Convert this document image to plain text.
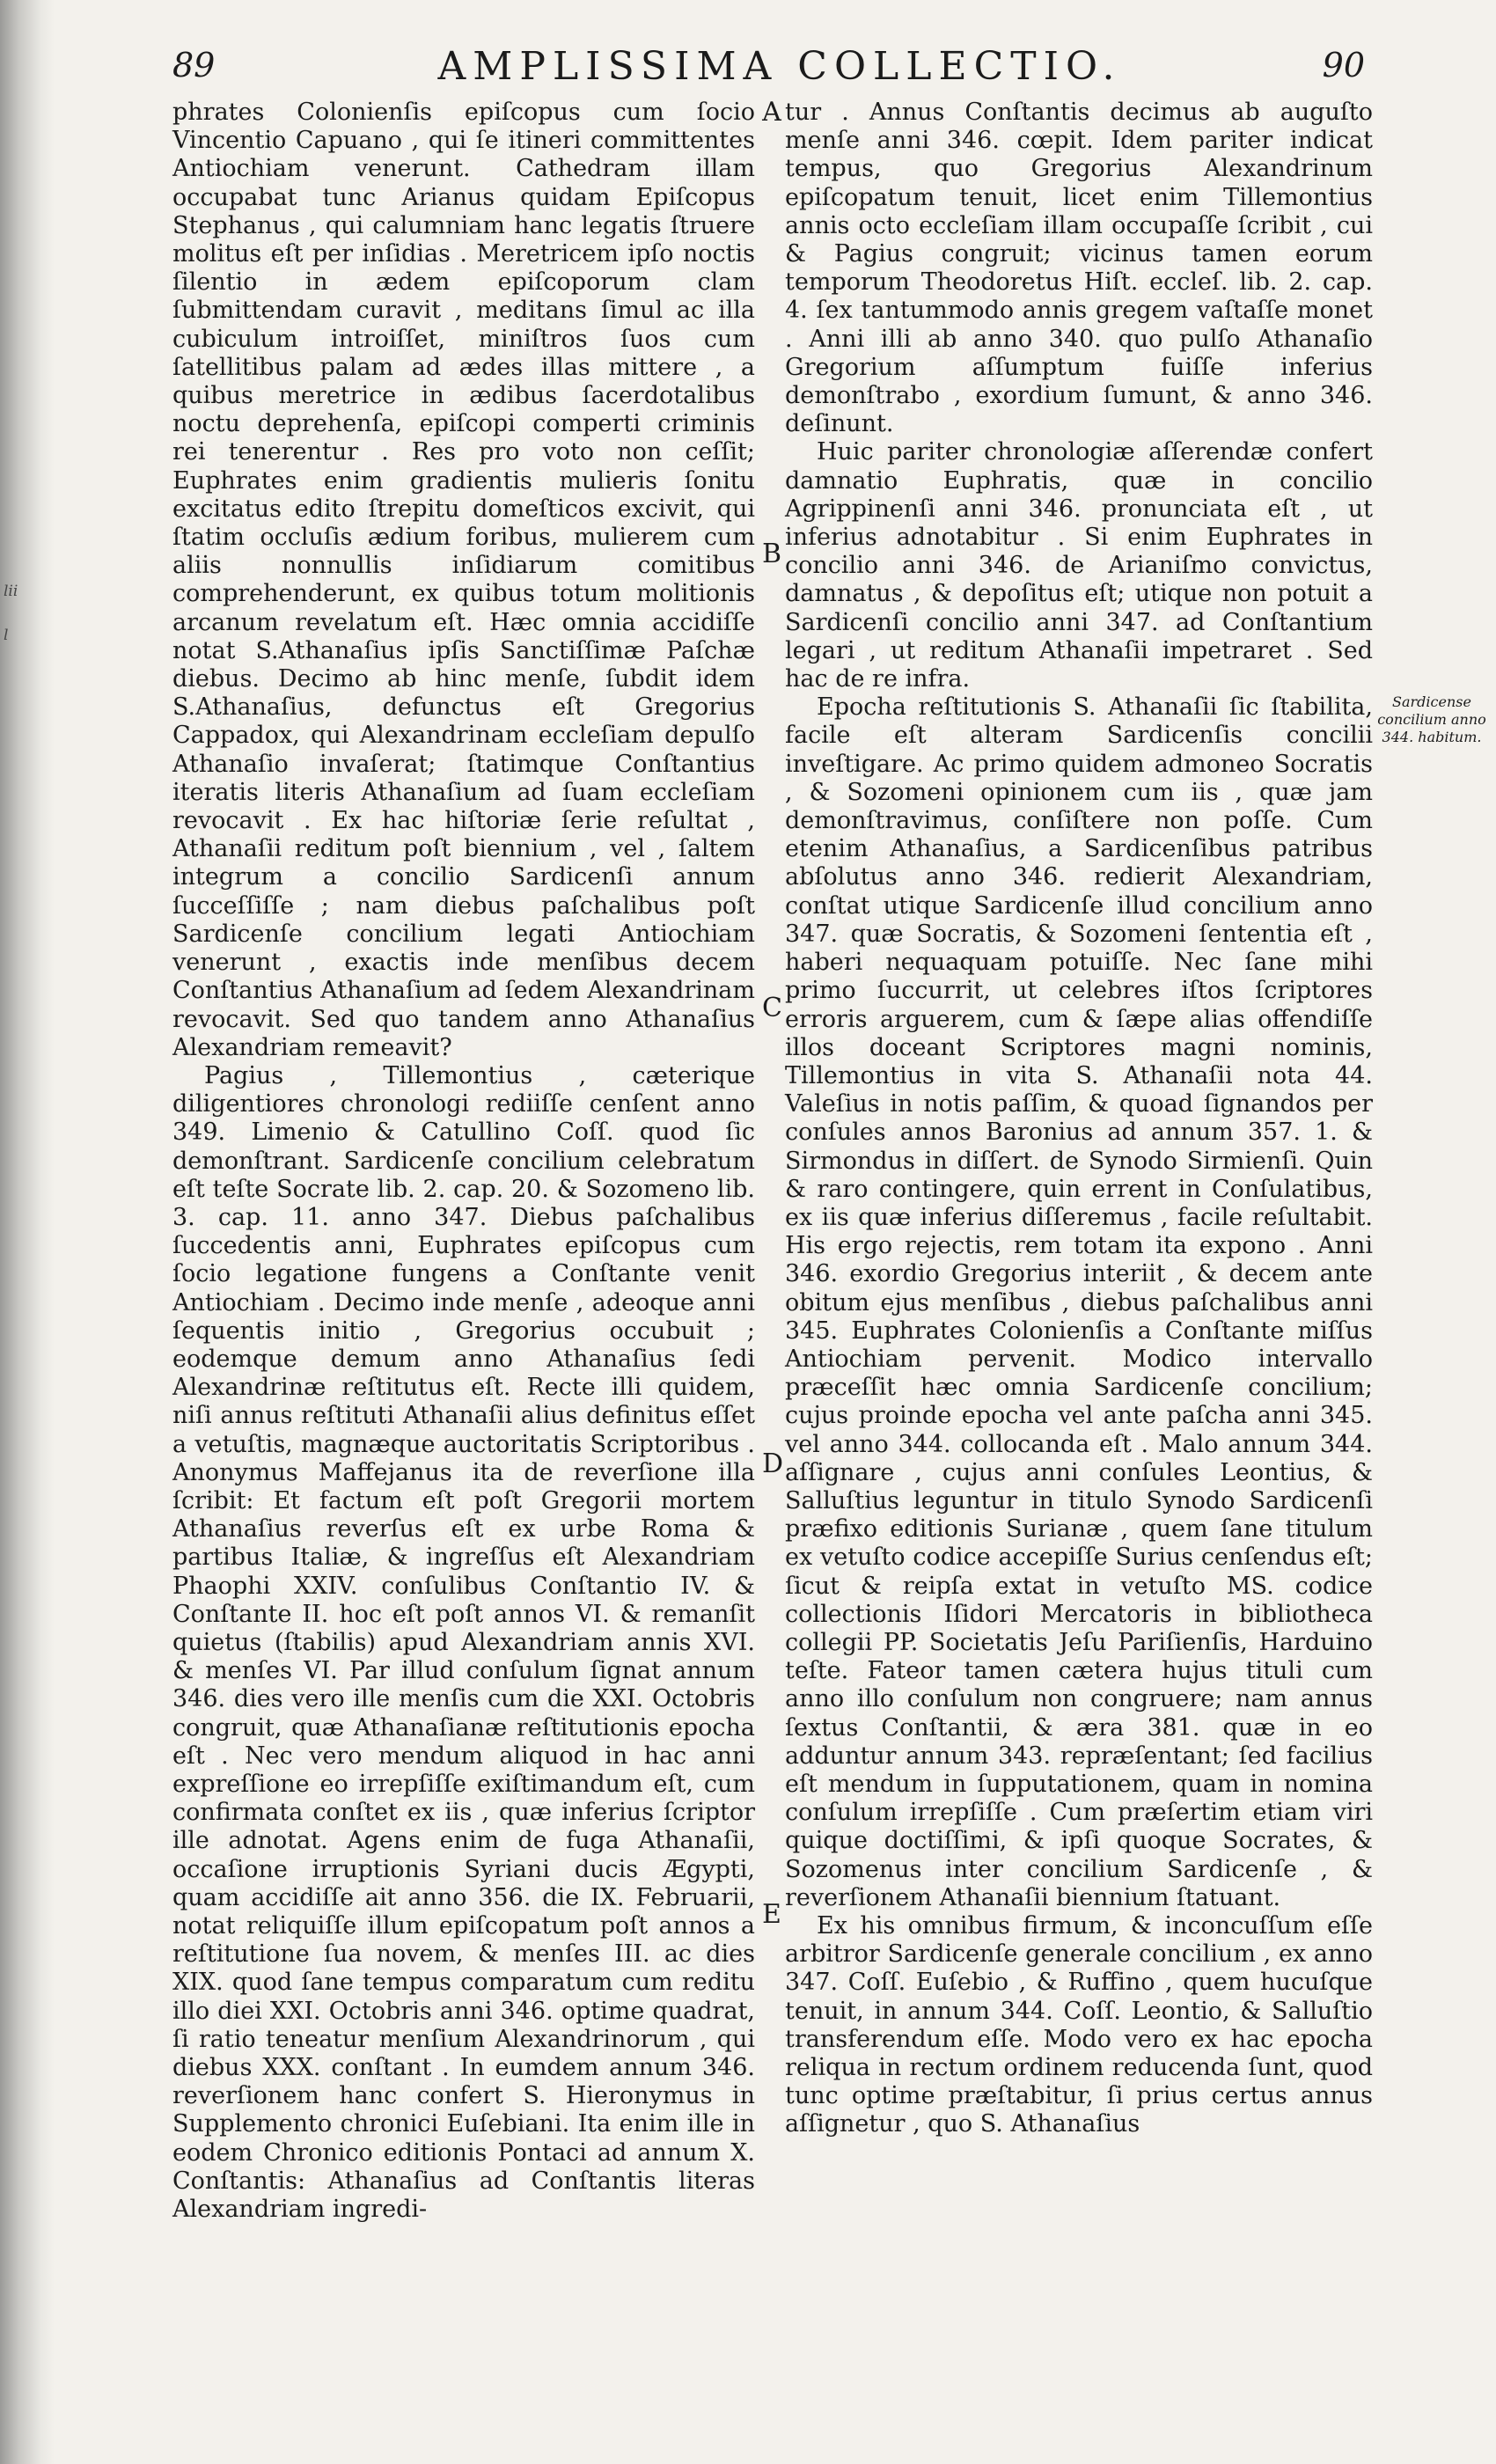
lii
l
89	AMPLISSIMA COLLECTIO.	90

phrates Colonienſis epiſcopus cum ſocio Vincentio Capuano , qui ſe itineri committentes Antiochiam venerunt. Cathedram illam occupabat tunc Arianus quidam Epiſcopus Stephanus , qui calumniam hanc legatis ſtruere molitus eſt per inſidias . Meretricem ipſo noctis ſilentio in ædem epiſcoporum clam ſubmittendam curavit , meditans ſimul ac illa cubiculum introiſſet, miniſtros ſuos cum ſatellitibus palam ad ædes illas mittere , a quibus meretrice in ædibus ſacerdotalibus noctu deprehenſa, epiſcopi comperti criminis rei tenerentur . Res pro voto non ceſſit; Euphrates enim gradientis mulieris ſonitu excitatus edito ſtrepitu domeſticos excivit, qui ſtatim occluſis ædium foribus, mulierem cum aliis nonnullis inſidiarum comitibus comprehenderunt, ex quibus totum molitionis arcanum revelatum eſt. Hæc omnia accidiſſe notat S.Athanaſius ipſis Sanctiſſimæ Paſchæ diebus. Decimo ab hinc menſe, ſubdit idem S.Athanaſius, defunctus eſt Gregorius Cappadox, qui Alexandrinam eccleſiam depulſo Athanaſio invaſerat; ſtatimque Conſtantius iteratis literis Athanaſium ad ſuam eccleſiam revocavit . Ex hac hiſtoriæ ſerie reſultat , Athanaſii reditum poſt biennium , vel , ſaltem integrum a concilio Sardicenſi annum ſucceſſiſſe ; nam diebus paſchalibus poſt Sardicenſe concilium legati Antiochiam venerunt , exactis inde menſibus decem Conſtantius Athanaſium ad ſedem Alexandrinam revocavit. Sed quo tandem anno Athanaſius Alexandriam remeavit?

Pagius , Tillemontius , cæterique diligentiores chronologi rediiſſe cenſent anno 349. Limenio & Catullino Coſſ. quod ſic demonſtrant. Sardicenſe concilium celebratum eſt teſte Socrate lib. 2. cap. 20. & Sozomeno lib. 3. cap. 11. anno 347. Diebus paſchalibus ſuccedentis anni, Euphrates epiſcopus cum ſocio legatione fungens a Conſtante venit Antiochiam . Decimo inde menſe , adeoque anni ſequentis initio , Gregorius occubuit ; eodemque demum anno Athanaſius ſedi Alexandrinæ reſtitutus eſt. Recte illi quidem, niſi annus reſtituti Athanaſii alius definitus eſſet a vetuſtis, magnæque auctoritatis Scriptoribus . Anonymus Maffejanus ita de reverſione illa ſcribit: Et factum eſt poſt Gregorii mortem Athanaſius reverſus eſt ex urbe Roma & partibus Italiæ, & ingreſſus eſt Alexandriam Phaophi XXIV. conſulibus Conſtantio IV. & Conſtante II. hoc eſt poſt annos VI. & remanſit quietus (ſtabilis) apud Alexandriam annis XVI. & menſes VI. Par illud conſulum ſignat annum 346. dies vero ille menſis cum die XXI. Octobris congruit, quæ Athanaſianæ reſtitutionis epocha eſt . Nec vero mendum aliquod in hac anni expreſſione eo irrepſiſſe exiſtimandum eſt, cum confirmata conſtet ex iis , quæ inferius ſcriptor ille adnotat. Agens enim de fuga Athanaſii, occaſione irruptionis Syriani ducis Ægypti, quam accidiſſe ait anno 356. die IX. Februarii, notat reliquiſſe illum epiſcopatum poſt annos a reſtitutione ſua novem, & menſes III. ac dies XIX. quod ſane tempus comparatum cum reditu illo diei XXI. Octobris anni 346. optime quadrat, ſi ratio teneatur menſium Alexandrinorum , qui diebus XXX. conſtant . In eumdem annum 346. reverſionem hanc confert S. Hieronymus in Supplemento chronici Euſebiani. Ita enim ille in eodem Chronico editionis Pontaci ad annum X. Conſtantis: Athanaſius ad Conſtantis literas Alexandriam ingredi-

A
B
C
D
E

tur . Annus Conſtantis decimus ab auguſto menſe anni 346. cœpit. Idem pariter indicat tempus, quo Gregorius Alexandrinum epiſcopatum tenuit, licet enim Tillemontius annis octo eccleſiam illam occupaſſe ſcribit , cui & Pagius congruit; vicinus tamen eorum temporum Theodoretus Hiſt. eccleſ. lib. 2. cap. 4. ſex tantummodo annis gregem vaſtaſſe monet . Anni illi ab anno 340. quo pulſo Athanaſio Gregorium aſſumptum fuiſſe inferius demonſtrabo , exordium ſumunt, & anno 346. deſinunt.

Huic pariter chronologiæ aſſerendæ confert damnatio Euphratis, quæ in concilio Agrippinenſi anni 346. pronunciata eſt , ut inferius adnotabitur . Si enim Euphrates in concilio anni 346. de Arianiſmo convictus, damnatus , & depoſitus eſt; utique non potuit a Sardicenſi concilio anni 347. ad Conſtantium legari , ut reditum Athanaſii impetraret . Sed hac de re infra.

Epocha reſtitutionis S. Athanaſii ſic ſtabilita, facile eſt alteram Sardicenſis concilii inveſtigare. Ac primo quidem admoneo Socratis , & Sozomeni opinionem cum iis , quæ jam demonſtravimus, conſiſtere non poſſe. Cum etenim Athanaſius, a Sardicenſibus patribus abſolutus anno 346. redierit Alexandriam, conſtat utique Sardicenſe illud concilium anno 347. quæ Socratis, & Sozomeni ſententia eſt , haberi nequaquam potuiſſe. Nec ſane mihi primo ſuccurrit, ut celebres iſtos ſcriptores erroris arguerem, cum & ſæpe alias offendiſſe illos doceant Scriptores magni nominis, Tillemontius in vita S. Athanaſii nota 44. Valeſius in notis paſſim, & quoad ſignandos per conſules annos Baronius ad annum 357. 1. & Sirmondus in diſſert. de Synodo Sirmienſi. Quin & raro contingere, quin errent in Conſulatibus, ex iis quæ inferius diſſeremus , facile reſultabit. His ergo rejectis, rem totam ita expono . Anni 346. exordio Gregorius interiit , & decem ante obitum ejus menſibus , diebus paſchalibus anni 345. Euphrates Colonienſis a Conſtante miſſus Antiochiam pervenit. Modico intervallo præceſſit hæc omnia Sardicenſe concilium; cujus proinde epocha vel ante paſcha anni 345. vel anno 344. collocanda eſt . Malo annum 344. aſſignare , cujus anni conſules Leontius, & Salluſtius leguntur in titulo Synodo Sardicenſi præfixo editionis Surianæ , quem ſane titulum ex vetuſto codice accepiſſe Surius cenſendus eſt; ſicut & reipſa extat in vetuſto MS. codice collectionis Iſidori Mercatoris in bibliotheca collegii PP. Societatis Jeſu Pariſienſis, Harduino teſte. Fateor tamen cætera hujus tituli cum anno illo conſulum non congruere; nam annus ſextus Conſtantii, & æra 381. quæ in eo adduntur annum 343. repræſentant; ſed facilius eſt mendum in ſupputationem, quam in nomina conſulum irrepſiſſe . Cum præſertim etiam viri quique doctiſſimi, & ipſi quoque Socrates, & Sozomenus inter concilium Sardicenſe , & reverſionem Athanaſii biennium ſtatuant.

Ex his omnibus firmum, & inconcuſſum eſſe arbitror Sardicenſe generale concilium , ex anno 347. Coſſ. Euſebio , & Ruffino , quem hucuſque tenuit, in annum 344. Coſſ. Leontio, & Salluſtio transferendum eſſe. Modo vero ex hac epocha reliqua in rectum ordinem reducenda ſunt, quod tunc optime præſtabitur, ſi prius certus annus aſſignetur , quo S. Athanaſius

Sardicense concilium anno 344. habitum.
